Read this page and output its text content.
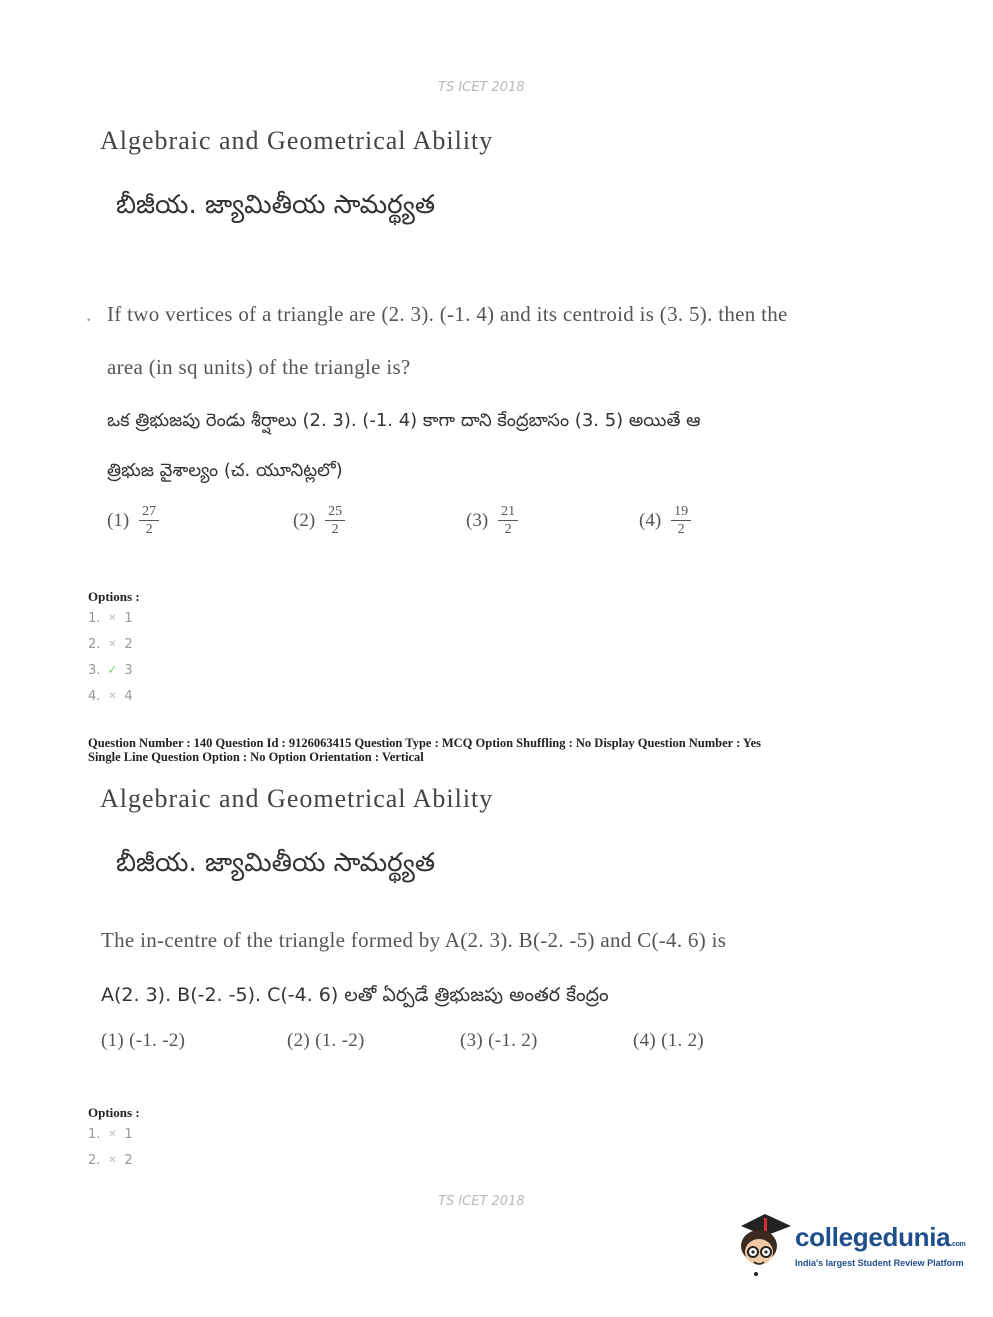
TS ICET 2018
Algebraic and Geometrical Ability
బీజీయ. జ్యామితీయ సామర్థ్యత
. If two vertices of a triangle are (2. 3). (-1. 4) and its centroid is (3. 5). then the
area (in sq units) of the triangle is?
ఒక త్రిభుజపు రెండు శీర్షాలు (2. 3). (-1. 4) కాగా దాని కేంద్రబాసం (3. 5) అయితే ఆ
త్రిభుజ వైశాల్యం (చ. యూనిట్లలో)
$(1) \frac{27}{2}$	$(2) \frac{25}{2}$	$(3) \frac{21}{2}$	$(4) \frac{19}{2}$
Options :
1. ✕ 1
2. ✕ 2
3. ✓ 3
4. ✕ 4
Question Number : 140 Question Id : 9126063415 Question Type : MCQ Option Shuffling : No Display Question Number : Yes
Single Line Question Option : No Option Orientation : Vertical
Algebraic and Geometrical Ability
బీజీయ. జ్యామితీయ సామర్థ్యత
The in-centre of the triangle formed by A(2. 3). B(-2. -5) and C(-4. 6) is
A(2. 3). B(-2. -5). C(-4. 6) లతో ఏర్పడే త్రిభుజపు అంతర కేంద్రం
(1) (-1. -2)	(2) (1. -2)	(3) (-1. 2)	(4) (1. 2)
Options :
1. ✕ 1
2. ✕ 2
TS ICET 2018
collegedunia.com
India's largest Student Review Platform
